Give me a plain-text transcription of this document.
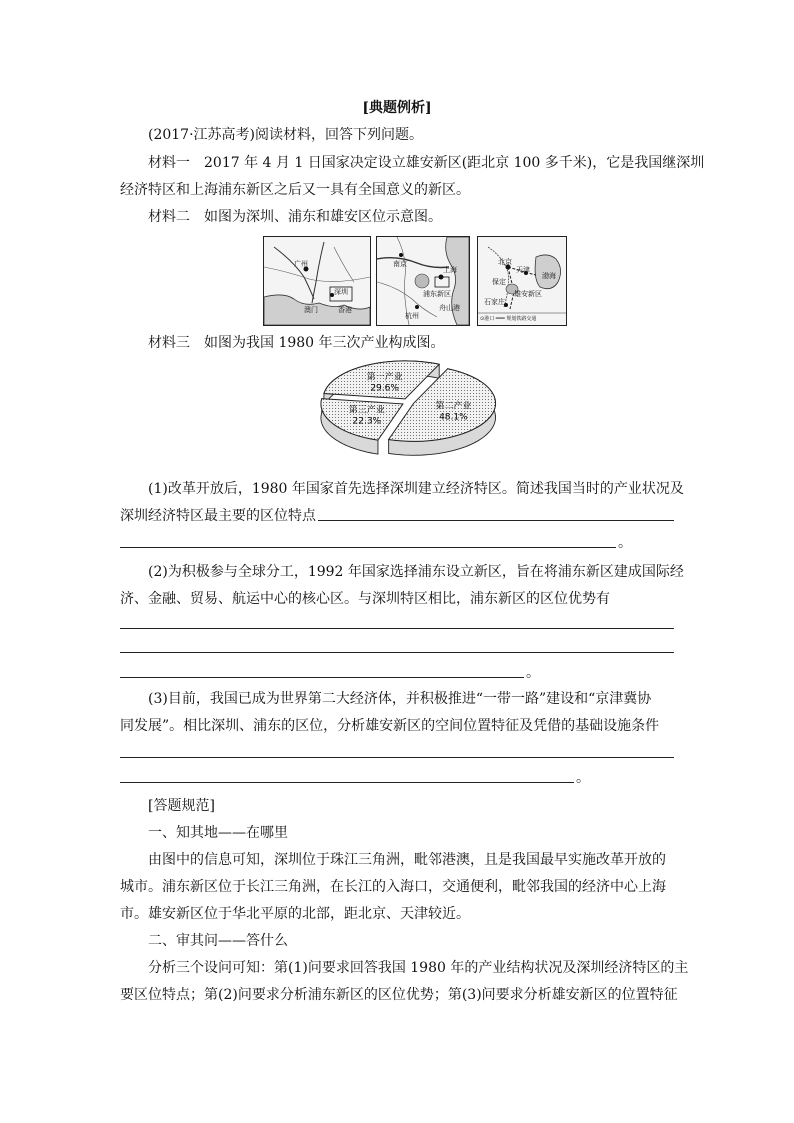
[典题例析]
(2017·江苏高考)阅读材料，回答下列问题。
材料一　2017 年 4 月 1 日国家决定设立雄安新区(距北京 100 多千米)，它是我国继深圳
经济特区和上海浦东新区之后又一具有全国意义的新区。
材料二　如图为深圳、浦东和雄安区位示意图。
广州
深圳
澳门	香港
南京
上海
浦东新区
杭州
舟山港
北京
天津
保定
雄安新区
石家庄
渤海
⊙港口 ═══ 规划铁路交通
材料三　如图为我国 1980 年三次产业构成图。
第一产业
29.6%
第二产业
48.1%
第三产业
22.3%
(1)改革开放后，1980 年国家首先选择深圳建立经济特区。简述我国当时的产业状况及
深圳经济特区最主要的区位特点
。
(2)为积极参与全球分工，1992 年国家选择浦东设立新区，旨在将浦东新区建成国际经
济、金融、贸易、航运中心的核心区。与深圳特区相比，浦东新区的区位优势有
。
(3)目前，我国已成为世界第二大经济体，并积极推进“一带一路”建设和“京津冀协
同发展”。相比深圳、浦东的区位，分析雄安新区的空间位置特征及凭借的基础设施条件
。
[答题规范]
一、知其地——在哪里
由图中的信息可知，深圳位于珠江三角洲，毗邻港澳，且是我国最早实施改革开放的
城市。浦东新区位于长江三角洲，在长江的入海口，交通便利，毗邻我国的经济中心上海
市。雄安新区位于华北平原的北部，距北京、天津较近。
二、审其问——答什么
分析三个设问可知：第(1)问要求回答我国 1980 年的产业结构状况及深圳经济特区的主
要区位特点；第(2)问要求分析浦东新区的区位优势；第(3)问要求分析雄安新区的位置特征
